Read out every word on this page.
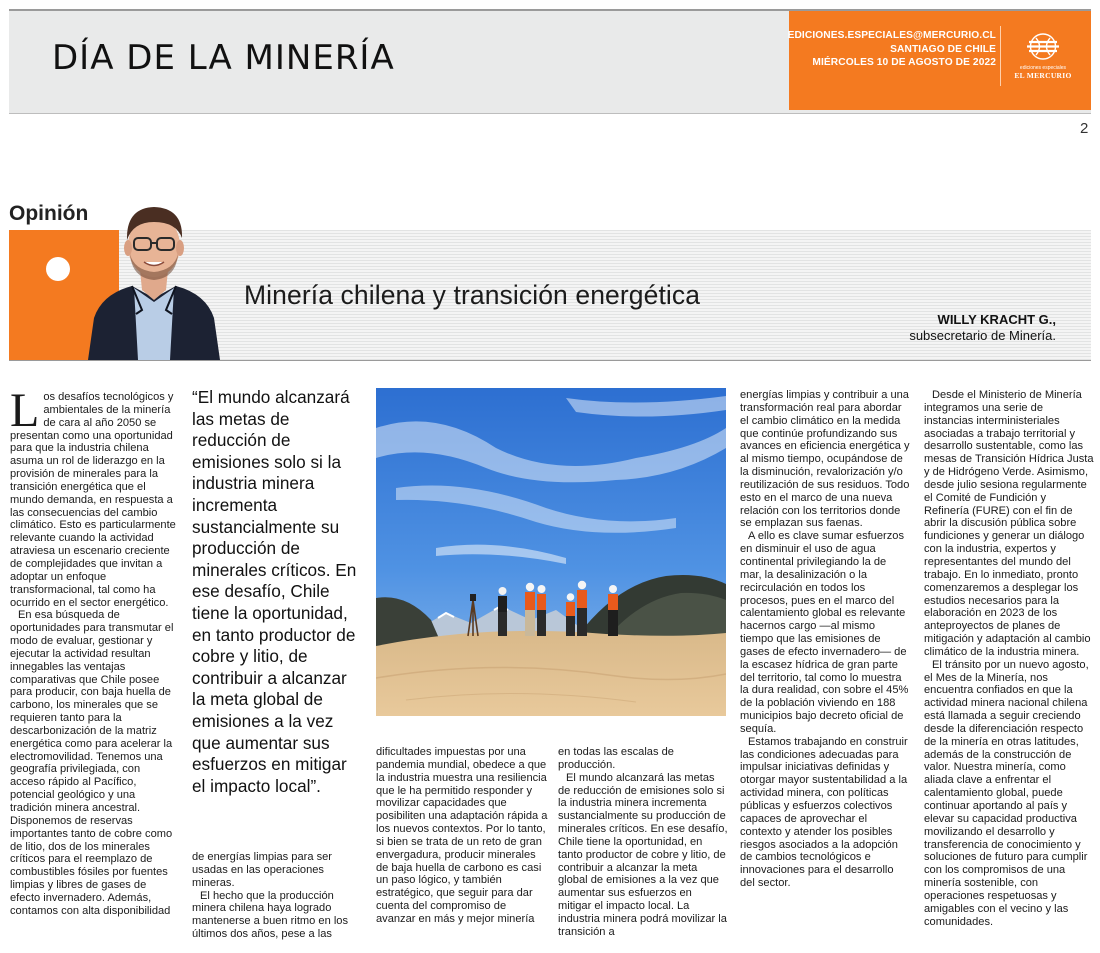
DÍA DE LA MINERÍA
EDICIONES.ESPECIALES@MERCURIO.CL
SANTIAGO DE CHILE
MIÉRCOLES 10 DE AGOSTO DE 2022	ediciones especiales
EL MERCURIO
2
Opinión
Minería chilena y transición energética
WILLY KRACHT G.,
subsecretario de Minería.
L os desafíos tecnológicos y ambientales de la minería de cara al año 2050 se presentan como una oportunidad para que la industria chilena asuma un rol de liderazgo en la provisión de minerales para la transición energética que el mundo demanda, en respuesta a las consecuencias del cambio climático. Esto es particularmente relevante cuando la actividad atraviesa un escenario creciente de complejidades que invitan a adoptar un enfoque transformacional, tal como ha ocurrido en el sector energético.

En esa búsqueda de oportunidades para transmutar el modo de evaluar, gestionar y ejecutar la actividad resultan innegables las ventajas comparativas que Chile posee para producir, con baja huella de carbono, los minerales que se requieren tanto para la descarbonización de la matriz energética como para acelerar la electromovilidad. Tenemos una geografía privilegiada, con acceso rápido al Pacífico, potencial geológico y una tradición minera ancestral. Disponemos de reservas importantes tanto de cobre como de litio, dos de los minerales críticos para el reemplazo de combustibles fósiles por fuentes limpias y libres de gases de efecto invernadero. Además, contamos con alta disponibilidad

“El mundo alcanzará las metas de reducción de emisiones solo si la industria minera incrementa sustancialmente su producción de minerales críticos. En ese desafío, Chile tiene la oportunidad, en tanto productor de cobre y litio, de contribuir a alcanzar la meta global de emisiones a la vez que aumentar sus esfuerzos en mitigar el impacto local”.

de energías limpias para ser usadas en las operaciones mineras.

El hecho que la producción minera chilena haya logrado mantenerse a buen ritmo en los últimos dos años, pese a las

dificultades impuestas por una pandemia mundial, obedece a que la industria muestra una resiliencia que le ha permitido responder y movilizar capacidades que posibiliten una adaptación rápida a los nuevos contextos. Por lo tanto, si bien se trata de un reto de gran envergadura, producir minerales de baja huella de carbono es casi un paso lógico, y también estratégico, que seguir para dar cuenta del compromiso de avanzar en más y mejor minería

en todas las escalas de producción.

El mundo alcanzará las metas de reducción de emisiones solo si la industria minera incrementa sustancialmente su producción de minerales críticos. En ese desafío, Chile tiene la oportunidad, en tanto productor de cobre y litio, de contribuir a alcanzar la meta global de emisiones a la vez que aumentar sus esfuerzos en mitigar el impacto local. La industria minera podrá movilizar la transición a

energías limpias y contribuir a una transformación real para abordar el cambio climático en la medida que continúe profundizando sus avances en eficiencia energética y al mismo tiempo, ocupándose de la disminución, revalorización y/o reutilización de sus residuos. Todo esto en el marco de una nueva relación con los territorios donde se emplazan sus faenas.

A ello es clave sumar esfuerzos en disminuir el uso de agua continental privilegiando la de mar, la desalinización o la recirculación en todos los procesos, pues en el marco del calentamiento global es relevante hacernos cargo —al mismo tiempo que las emisiones de gases de efecto invernadero— de la escasez hídrica de gran parte del territorio, tal como lo muestra la dura realidad, con sobre el 45% de la población viviendo en 188 municipios bajo decreto oficial de sequía.

Estamos trabajando en construir las condiciones adecuadas para impulsar iniciativas definidas y otorgar mayor sustentabilidad a la actividad minera, con políticas públicas y esfuerzos colectivos capaces de aprovechar el contexto y atender los posibles riesgos asociados a la adopción de cambios tecnológicos e innovaciones para el desarrollo del sector.

Desde el Ministerio de Minería integramos una serie de instancias interministeriales asociadas a trabajo territorial y desarrollo sustentable, como las mesas de Transición Hídrica Justa y de Hidrógeno Verde. Asimismo, desde julio sesiona regularmente el Comité de Fundición y Refinería (FURE) con el fin de abrir la discusión pública sobre fundiciones y generar un diálogo con la industria, expertos y representantes del mundo del trabajo. En lo inmediato, pronto comenzaremos a desplegar los estudios necesarios para la elaboración en 2023 de los anteproyectos de planes de mitigación y adaptación al cambio climático de la industria minera.

El tránsito por un nuevo agosto, el Mes de la Minería, nos encuentra confiados en que la actividad minera nacional chilena está llamada a seguir creciendo desde la diferenciación respecto de la minería en otras latitudes, además de la construcción de valor. Nuestra minería, como aliada clave a enfrentar el calentamiento global, puede continuar aportando al país y elevar su capacidad productiva movilizando el desarrollo y transferencia de conocimiento y soluciones de futuro para cumplir con los compromisos de una minería sostenible, con operaciones respetuosas y amigables con el vecino y las comunidades.
